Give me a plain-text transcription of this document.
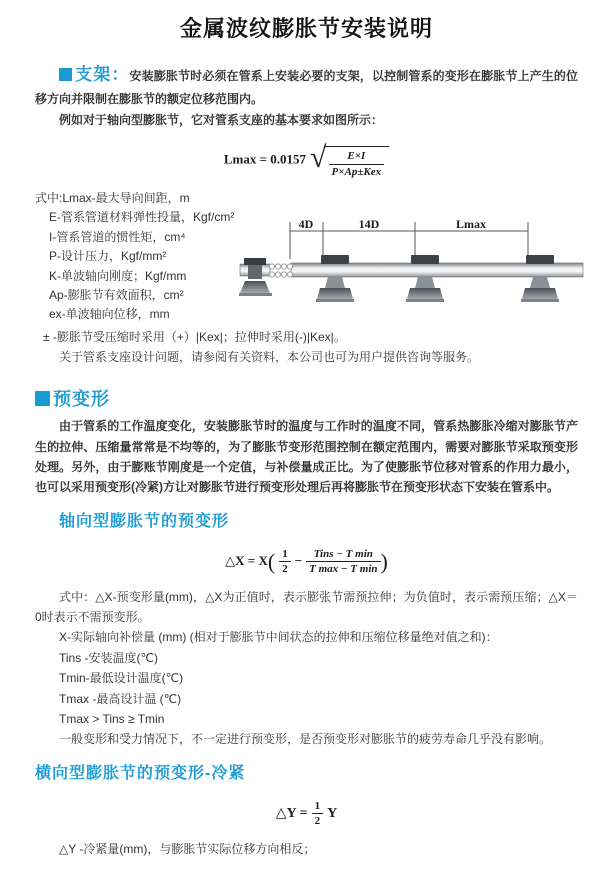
金属波纹膨胀节安装说明

支架：安装膨胀节时必须在管系上安装必要的支架，以控制管系的变形在膨胀节上产生的位移方向并限制在膨胀节的额定位移范围内。

例如对于轴向型膨胀节，它对管系支座的基本要求如图所示：

Lmax = 0.0157 √ $\frac{E\times I}{\text{P×Ap±Kex}}$
式中:Lmax-最大导向间距，m
E-管系管道材料弹性投量，Kgf/cm²
I-管系管道的惯性矩，cm⁴
P-设计压力，Kgf/mm²
K-单波轴向刚度；Kgf/mm
Ap-膨胀节有效面积，cm²
ex-单波轴向位移，mm
4D	14D	Lmax
± -膨胀节受压缩时采用（+）|Kex|；拉伸时采用(-)|Kex|。
关于管系支座设计问题，请参阅有关资料，本公司也可为用户提供咨询等服务。
预变形

由于管系的工作温度变化，安装膨胀节时的温度与工作时的温度不同，管系热膨胀冷缩对膨胀节产生的拉伸、压缩量常常是不均等的，为了膨胀节变形范围控制在额定范围内，需要对膨胀节采取预变形处理。另外，由于膨账节刚度是一个定值，与补偿量成正比。为了使膨胀节位移对管系的作用力最小，也可以采用预变形(冷紧)方让对膨胀节进行预变形处理后再将膨胀节在预变形状态下安装在管系中。

轴向型膨胀节的预变形
△X = $X( \frac{1}{2} - \frac{\text{Tins − T min}}{\text{T max − T min}}$ )

式中：△X-预变形量(mm)，△X为正值时，表示膨张节需预拉伸；为负值时，表示需预压缩；△X＝0时表示不需预变形。

X-实际轴向补偿量 (mm) (相对于膨胀节中间状态的拉伸和压缩位移量绝对值之和)：
Tins -安装温度(℃)
Tmin-最低设计温度(℃)
Tmax -最高设计温 (℃)
Tmax > Tins ≥ Tmin

一般变形和受力情况下，不一定进行预变形，是否预变形对膨胀节的疲劳寿命几乎没有影响。

横向型膨胀节的预变形-冷紧
△Y = $\frac{1}{2}$ Y

△Y -冷紧量(mm)，与膨胀节实际位移方向相反；
